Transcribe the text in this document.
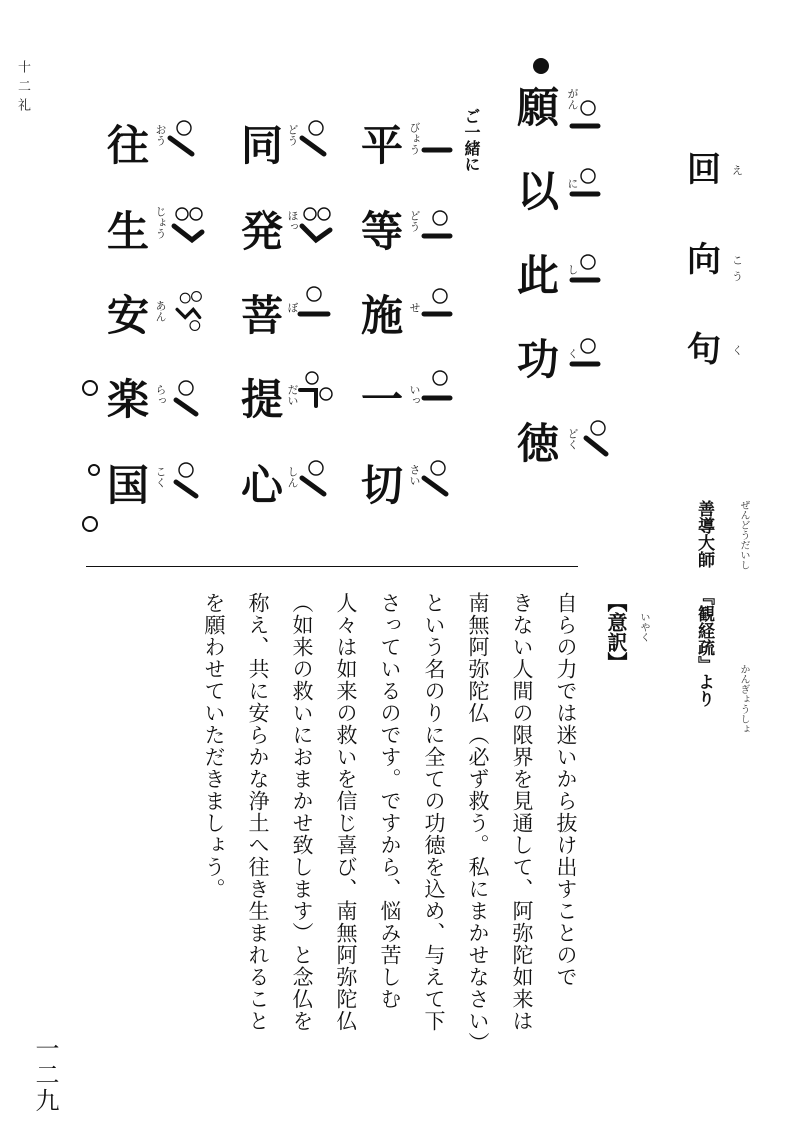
十二礼
回	え
向	こう
句	く
願 がん
以 に
此 し
功 く
徳 どく
ご一緒に
平 びょう
等 どう
施 せ
一 いっ
切 さい
同 どう
発 ほっ
菩 ぼ
提 だい
心 しん
往 おう
生 じょう
安 あん
楽 らっ
国 こく
善導大師 『観経疏』より
ぜんどうだいし
かんぎょうしょ
【意訳】	いやく
自らの力では迷いから抜け出すことので
きない人間の限界を見通して、阿弥陀如来は
南無阿弥陀仏（必ず救う。私にまかせなさい）
という名のりに全ての功徳を込め、与えて下
さっているのです。ですから、悩み苦しむ
人々は如来の救いを信じ喜び、南無阿弥陀仏
（如来の救いにおまかせ致します）と念仏を
称え、共に安らかな浄土へ往き生まれること
を願わせていただきましょう。
一二九
